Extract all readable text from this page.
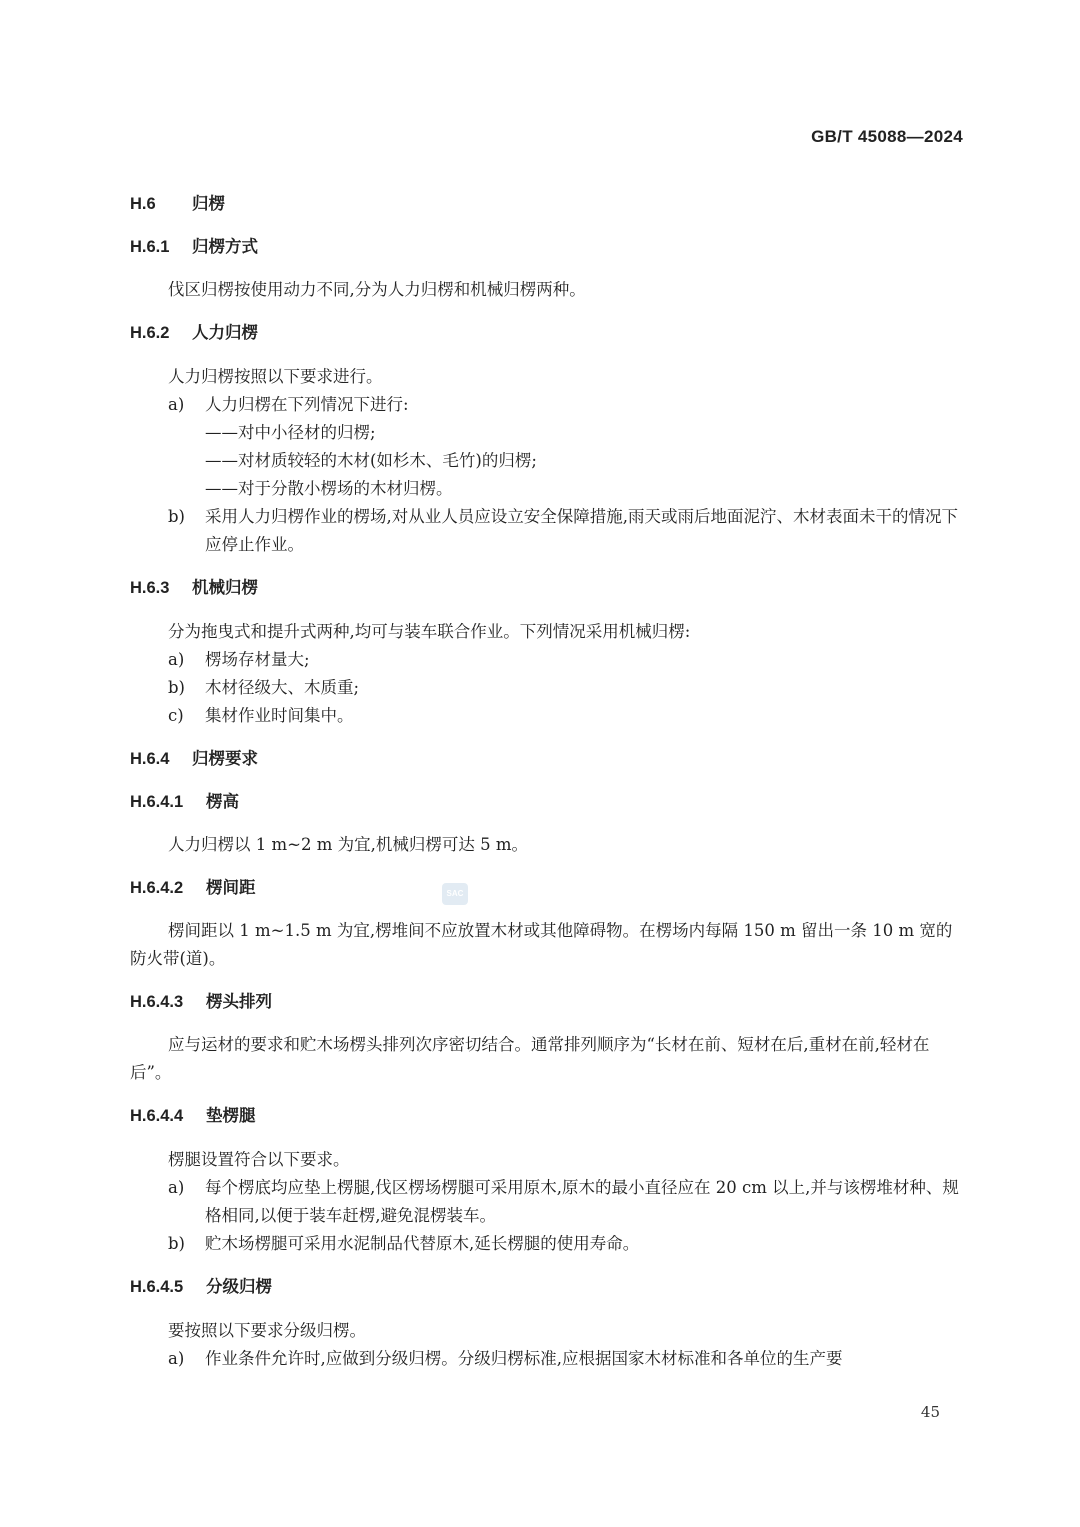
GB/T 45088—2024
H.6 归楞
H.6.1 归楞方式

伐区归楞按使用动力不同,分为人力归楞和机械归楞两种。

H.6.2 人力归楞

人力归楞按照以下要求进行。

a) 人力归楞在下列情况下进行:
——对中小径材的归楞;
——对材质较轻的木材(如杉木、毛竹)的归楞;
——对于分散小楞场的木材归楞。
b) 采用人力归楞作业的楞场,对从业人员应设立安全保障措施,雨天或雨后地面泥泞、木材表面未干的情况下应停止作业。
H.6.3 机械归楞

分为拖曳式和提升式两种,均可与装车联合作业。下列情况采用机械归楞:

a) 楞场存材量大;
b) 木材径级大、木质重;
c) 集材作业时间集中。
H.6.4 归楞要求
H.6.4.1 楞高

人力归楞以 1 m~2 m 为宜,机械归楞可达 5 m。

H.6.4.2 楞间距

楞间距以 1 m~1.5 m 为宜,楞堆间不应放置木材或其他障碍物。在楞场内每隔 150 m 留出一条 10 m 宽的防火带(道)。

H.6.4.3 楞头排列

应与运材的要求和贮木场楞头排列次序密切结合。通常排列顺序为“长材在前、短材在后,重材在前,轻材在后”。

H.6.4.4 垫楞腿

楞腿设置符合以下要求。

a) 每个楞底均应垫上楞腿,伐区楞场楞腿可采用原木,原木的最小直径应在 20 cm 以上,并与该楞堆材种、规格相同,以便于装车赶楞,避免混楞装车。
b) 贮木场楞腿可采用水泥制品代替原木,延长楞腿的使用寿命。
H.6.4.5 分级归楞

要按照以下要求分级归楞。

a) 作业条件允许时,应做到分级归楞。分级归楞标准,应根据国家木材标准和各单位的生产要
SAC
45
